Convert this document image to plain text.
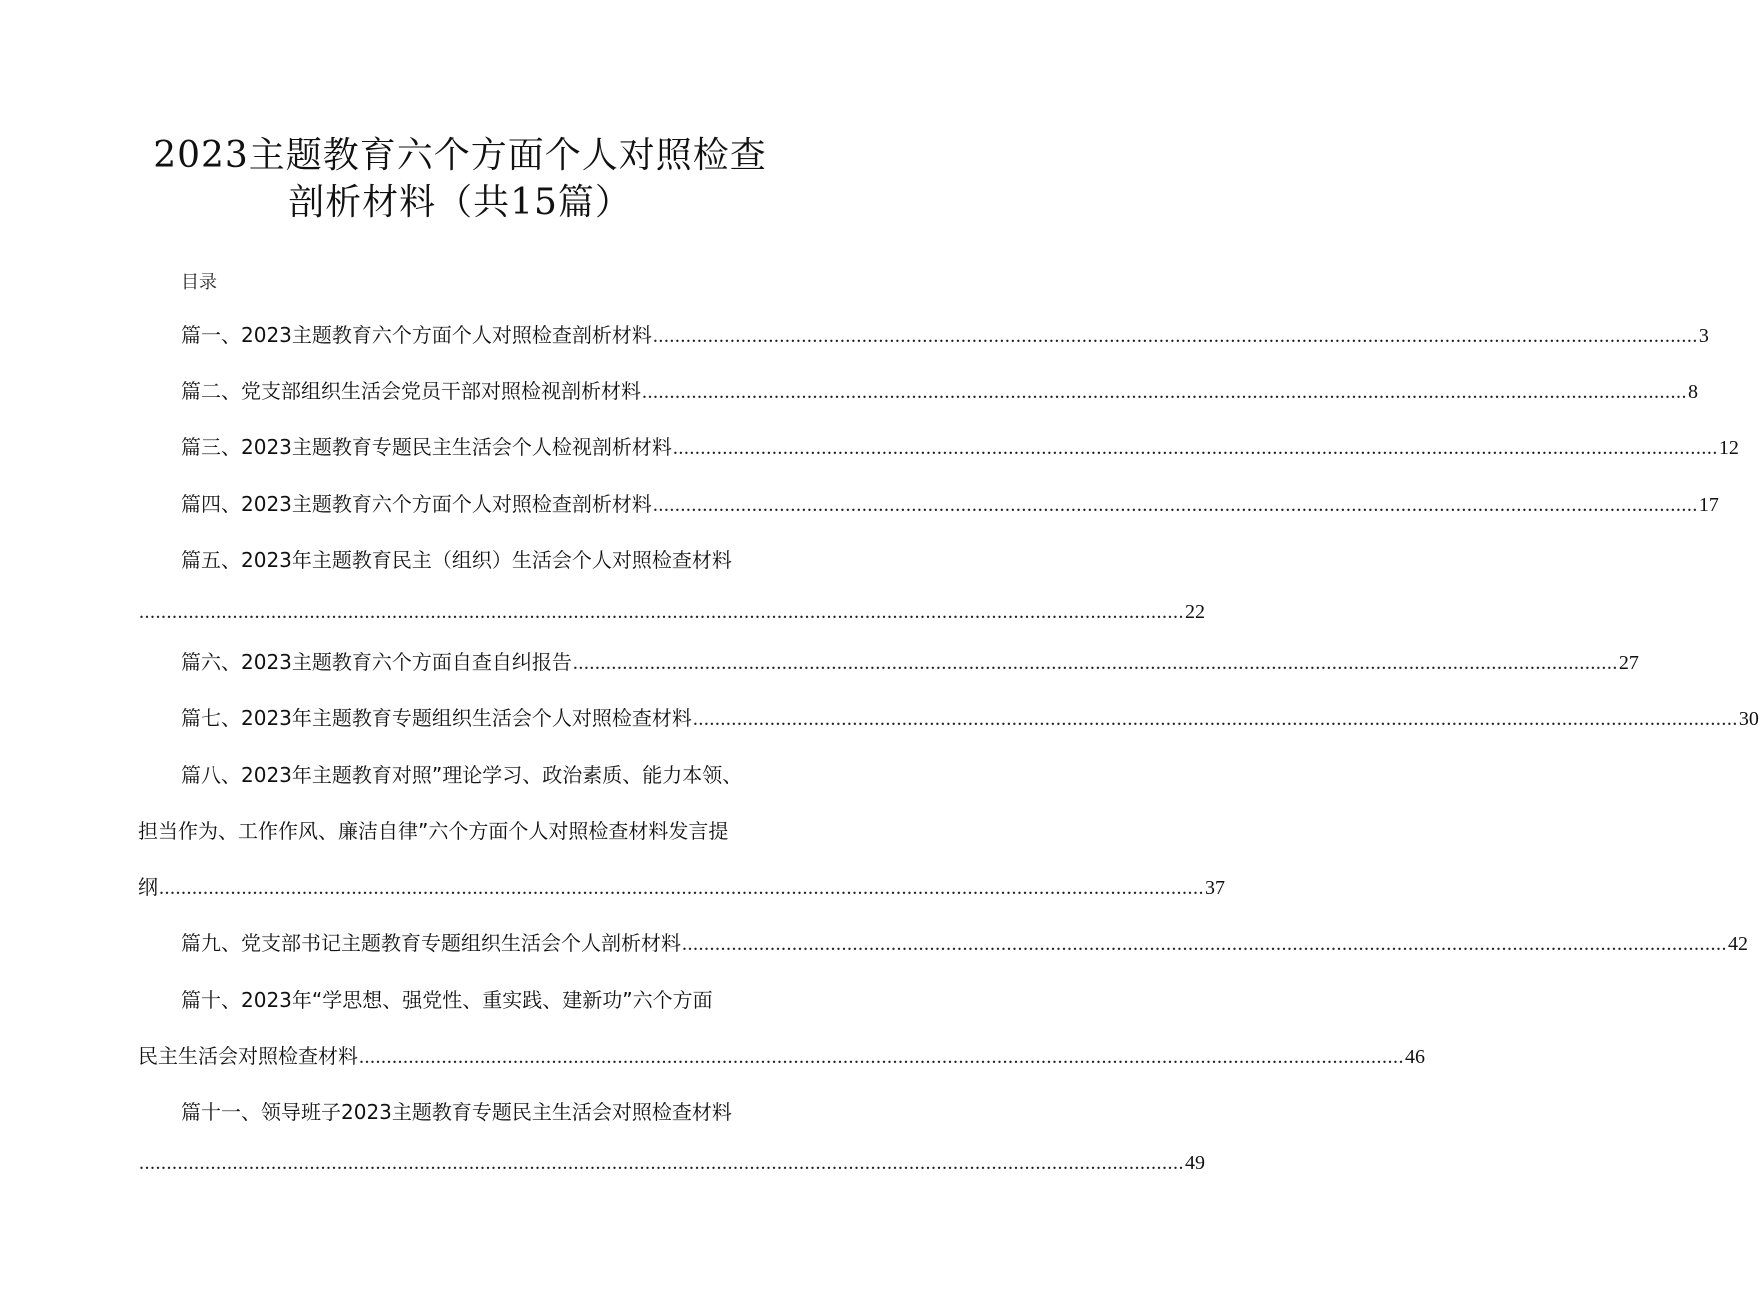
2023主题教育六个方面个人对照检查
剖析材料（共15篇）
目录
篇一、2023主题教育六个方面个人对照检查剖析材料 .............................................................................................................................................................................................. 3
篇二、党支部组织生活会党员干部对照检视剖析材料 .............................................................................................................................................................................................. 8
篇三、2023主题教育专题民主生活会个人检视剖析材料 .............................................................................................................................................................................................. 12
篇四、2023主题教育六个方面个人对照检查剖析材料 .............................................................................................................................................................................................. 17
篇五、2023年主题教育民主（组织）生活会个人对照检查材料
.............................................................................................................................................................................................. 22
篇六、2023主题教育六个方面自查自纠报告 .............................................................................................................................................................................................. 27
篇七、2023年主题教育专题组织生活会个人对照检查材料 .............................................................................................................................................................................................. 30
篇八、2023年主题教育对照”理论学习、政治素质、能力本领、
担当作为、工作作风、廉洁自律”六个方面个人对照检查材料发言提
纲 .............................................................................................................................................................................................. 37
篇九、党支部书记主题教育专题组织生活会个人剖析材料 .............................................................................................................................................................................................. 42
篇十、2023年“学思想、强党性、重实践、建新功”六个方面
民主生活会对照检查材料 .............................................................................................................................................................................................. 46
篇十一、领导班子2023主题教育专题民主生活会对照检查材料
.............................................................................................................................................................................................. 49
